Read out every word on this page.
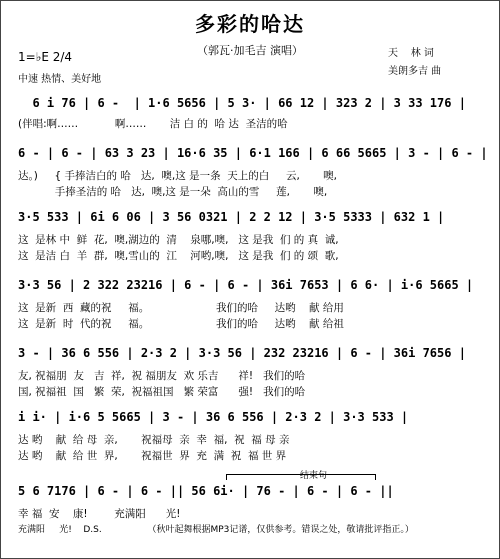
多彩的哈达
（郭瓦·加毛吉 演唱）
1=♭E 2/4
中速 热情、美好地
天    林 词
美朗多吉 曲
6 i 76 | 6 -  | 1·6 5656 | 5 3· | 66 12 | 323 2 | 3 33 176 |
(伴唱:啊……           啊……       洁 白 的  哈 达  圣洁的哈
6 - | 6 - | 63 3 23 | 16·6 35 | 6·1 166 | 6 66 5665 | 3 - | 6 - |
达。)     { 手捧洁白的 哈   达,  噢,这 是一条  天上的白     云,       噢,
手捧圣洁的 哈   达,  噢,这 是一朵  高山的雪     莲,       噢,
3·5 533 | 6i 6 06 | 3 56 0321 | 2 2 12 | 3·5 5333 | 632 1 |
这  是林 中  鲜  花,  噢,湖边的  清    泉哪,噢,   这 是我  们 的 真  诚,
这  是洁 白  羊  群,  噢,雪山的  江    河哟,噢,   这 是我  们 的 颂  歌,
3·3 56 | 2 322 23216 | 6 - | 6 - | 36i 7653 | 6 6· | i·6 5665 |
这  是新  西  藏的祝     福。                    我们的哈     达哟    献 给用
这  是新  时  代的祝     福。                    我们的哈     达哟    献 给祖
3 - | 36 6 556 | 2·3 2 | 3·3 56 | 232 23216 | 6 - | 36i 7656 |
友, 祝福朋  友   吉  祥,  祝 福朋友  欢 乐吉      祥!   我们的哈
国, 祝福祖  国   繁  荣,  祝福祖国   繁 荣富      强!   我们的哈
i i· | i·6 5 5665 | 3 - | 36 6 556 | 2·3 2 | 3·3 533 |
达 哟    献  给 母  亲,       祝福母  亲  幸  福,  祝  福 母 亲
达 哟    献  给 世  界,       祝福世  界  充  满  祝  福 世 界
结束句
5 6 7176 | 6 - | 6 - || 56 6i· | 76 - | 6 - | 6 - ||
幸 福  安    康!        充满阳      光!
充满阳     光!    D.S.                （秋叶起舞根据MP3记谱，仅供参考。错误之处，敬请批评指正。）
